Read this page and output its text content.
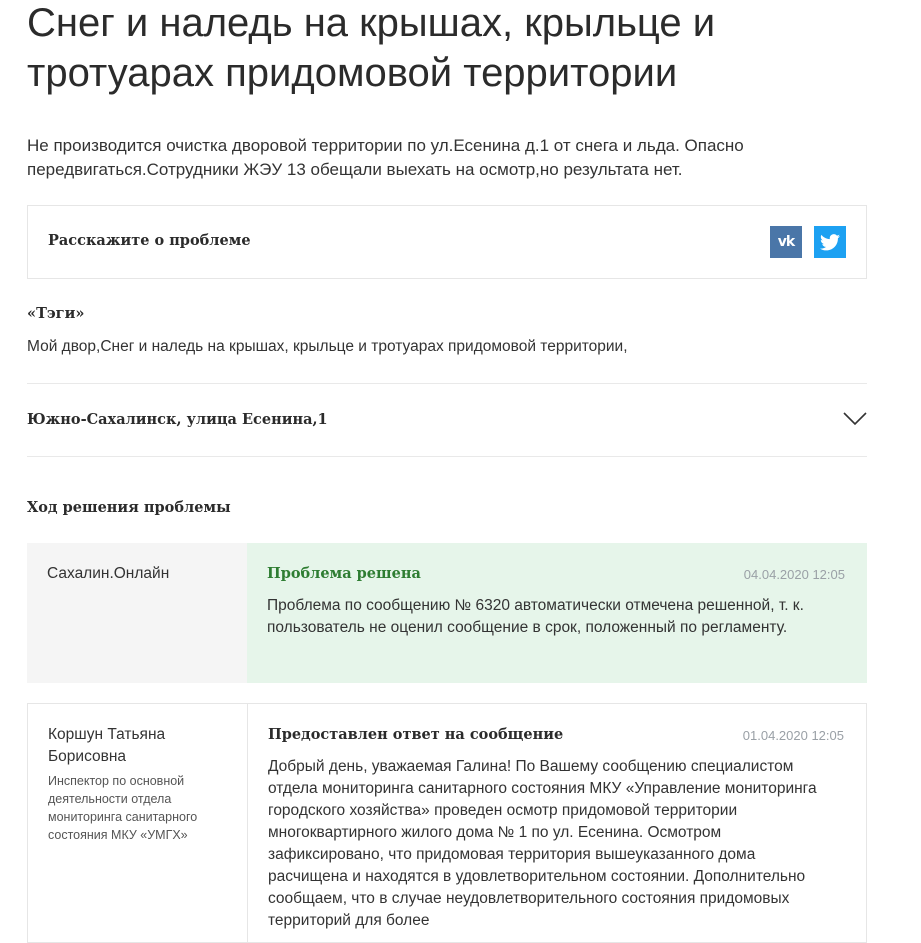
Снег и наледь на крышах, крыльце и тротуарах придомовой территории
Не производится очистка дворовой территории по ул.Есенина д.1 от снега и льда. Опасно передвигаться.Сотрудники ЖЭУ 13 обещали выехать на осмотр,но результата нет.
Расскажите о проблеме	vk
«Тэги»
Мой двор,Снег и наледь на крышах, крыльце и тротуарах придомовой территории,
Южно-Сахалинск, улица Есенина,1
Ход решения проблемы
Сахалин.Онлайн	Проблема решена	04.04.2020 12:05
Проблема по сообщению № 6320 автоматически отмечена решенной, т. к. пользователь не оценил сообщение в срок, положенный по регламенту.
Коршун Татьяна Борисовна
Инспектор по основной деятельности отдела мониторинга санитарного состояния МКУ «УМГХ»
Предоставлен ответ на сообщение	01.04.2020 12:05
Добрый день, уважаемая Галина! По Вашему сообщению специалистом отдела мониторинга санитарного состояния МКУ «Управление мониторинга городского хозяйства» проведен осмотр придомовой территории многоквартирного жилого дома № 1 по ул. Есенина. Осмотром зафиксировано, что придомовая территория вышеуказанного дома расчищена и находятся в удовлетворительном состоянии. Дополнительно сообщаем, что в случае неудовлетворительного состояния придомовых территорий для более
